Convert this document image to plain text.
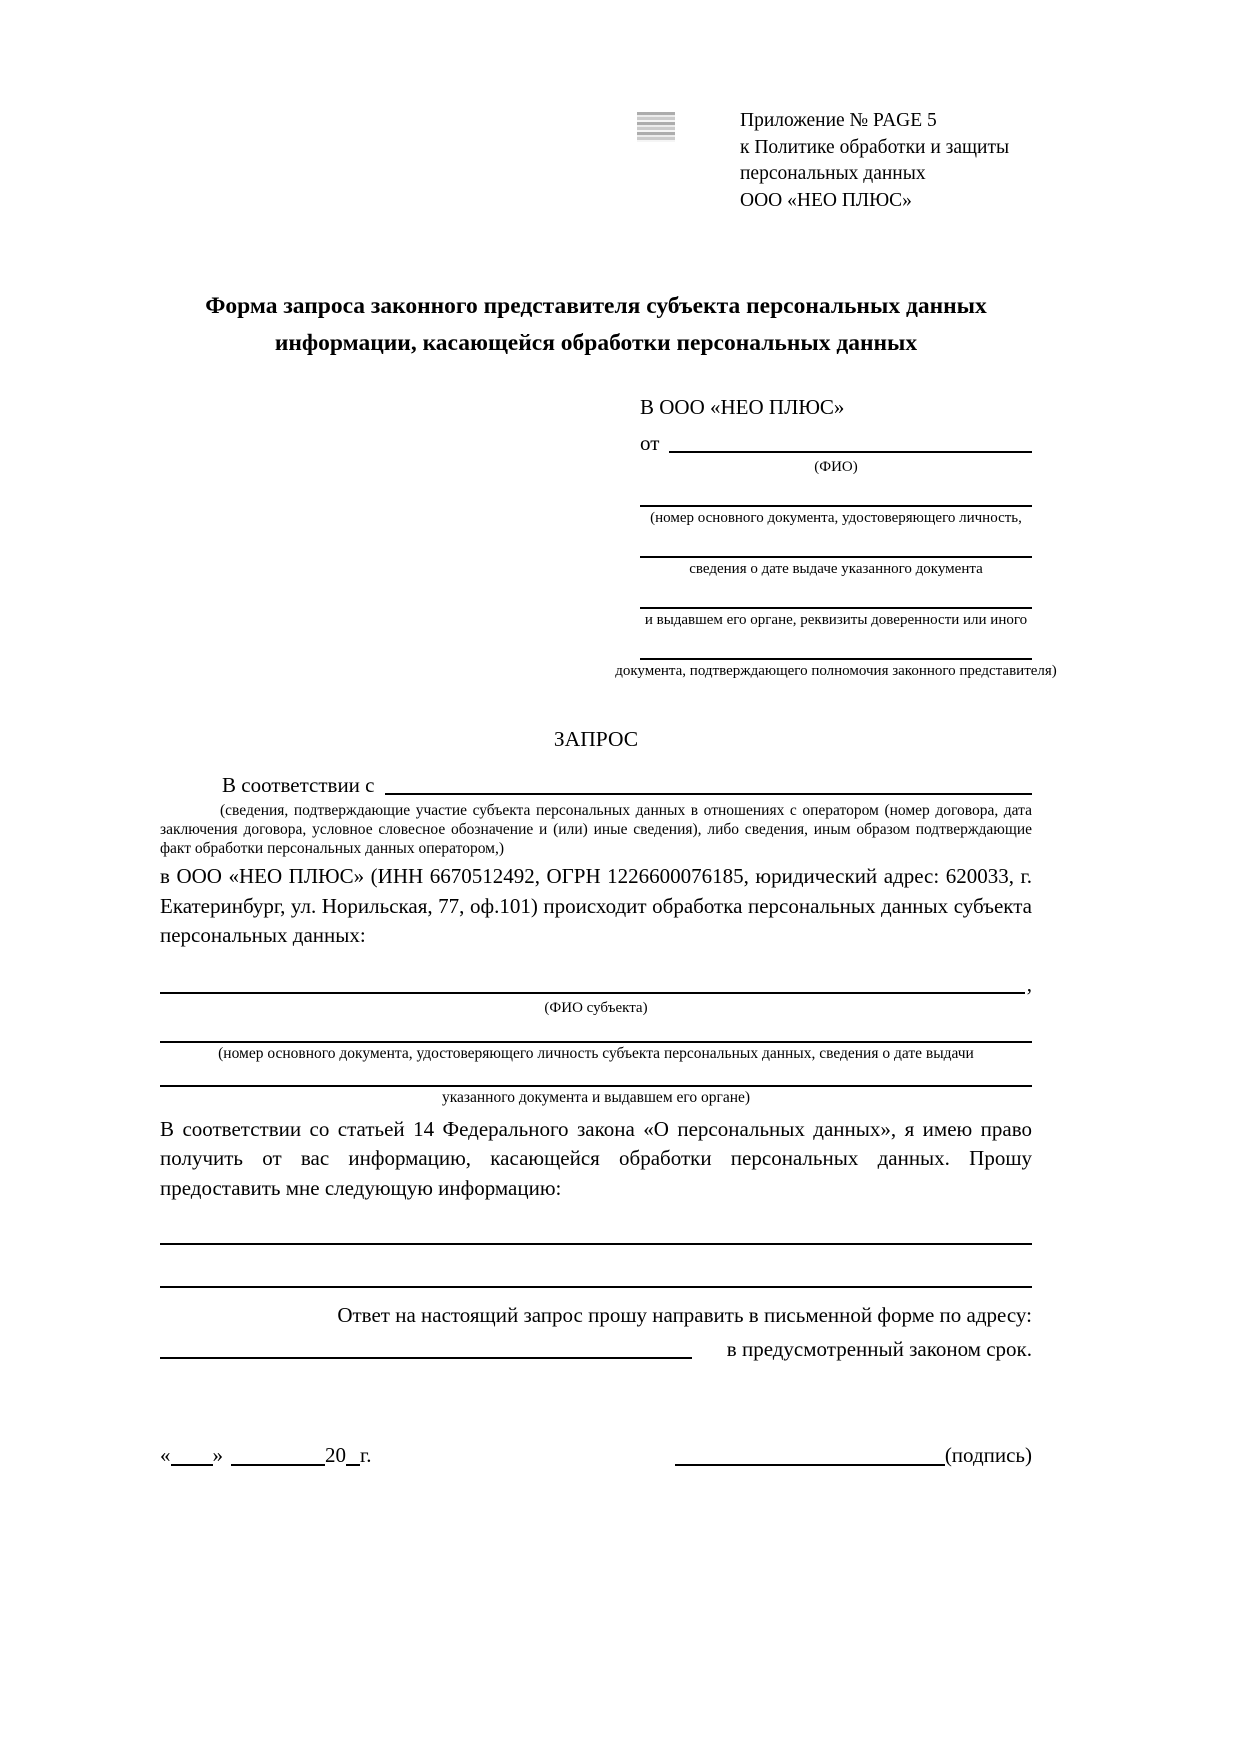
Приложение № PAGE 5
к Политике обработки и защиты
персональных данных
ООО «НЕО ПЛЮС»
Форма запроса законного представителя субъекта персональных данных
информации, касающейся обработки персональных данных
В ООО «НЕО ПЛЮС»
от
(ФИО)
(номер основного документа, удостоверяющего личность,
сведения о дате выдаче указанного документа
и выдавшем его органе, реквизиты доверенности или иного
документа, подтверждающего полномочия законного представителя)
ЗАПРОС
В соответствии с
(сведения, подтверждающие участие субъекта персональных данных в отношениях с оператором (номер договора, дата заключения договора, условное словесное обозначение и (или) иные сведения), либо сведения, иным образом подтверждающие факт обработки персональных данных оператором,)
в ООО «НЕО ПЛЮС» (ИНН 6670512492, ОГРН 1226600076185, юридический адрес: 620033, г. Екатеринбург, ул. Норильская, 77, оф.101) происходит обработка персональных данных субъекта персональных данных:
,
(ФИО субъекта)
(номер основного документа, удостоверяющего личность субъекта персональных данных, сведения о дате выдачи
указанного документа и выдавшем его органе)
В соответствии со статьей 14 Федерального закона «О персональных данных», я имею право получить от вас информацию, касающейся обработки персональных данных. Прошу предоставить мне следующую информацию:
Ответ на настоящий запрос прошу направить в письменной форме по адресу:
в предусмотренный законом срок.
« »	20 г.	(подпись)
